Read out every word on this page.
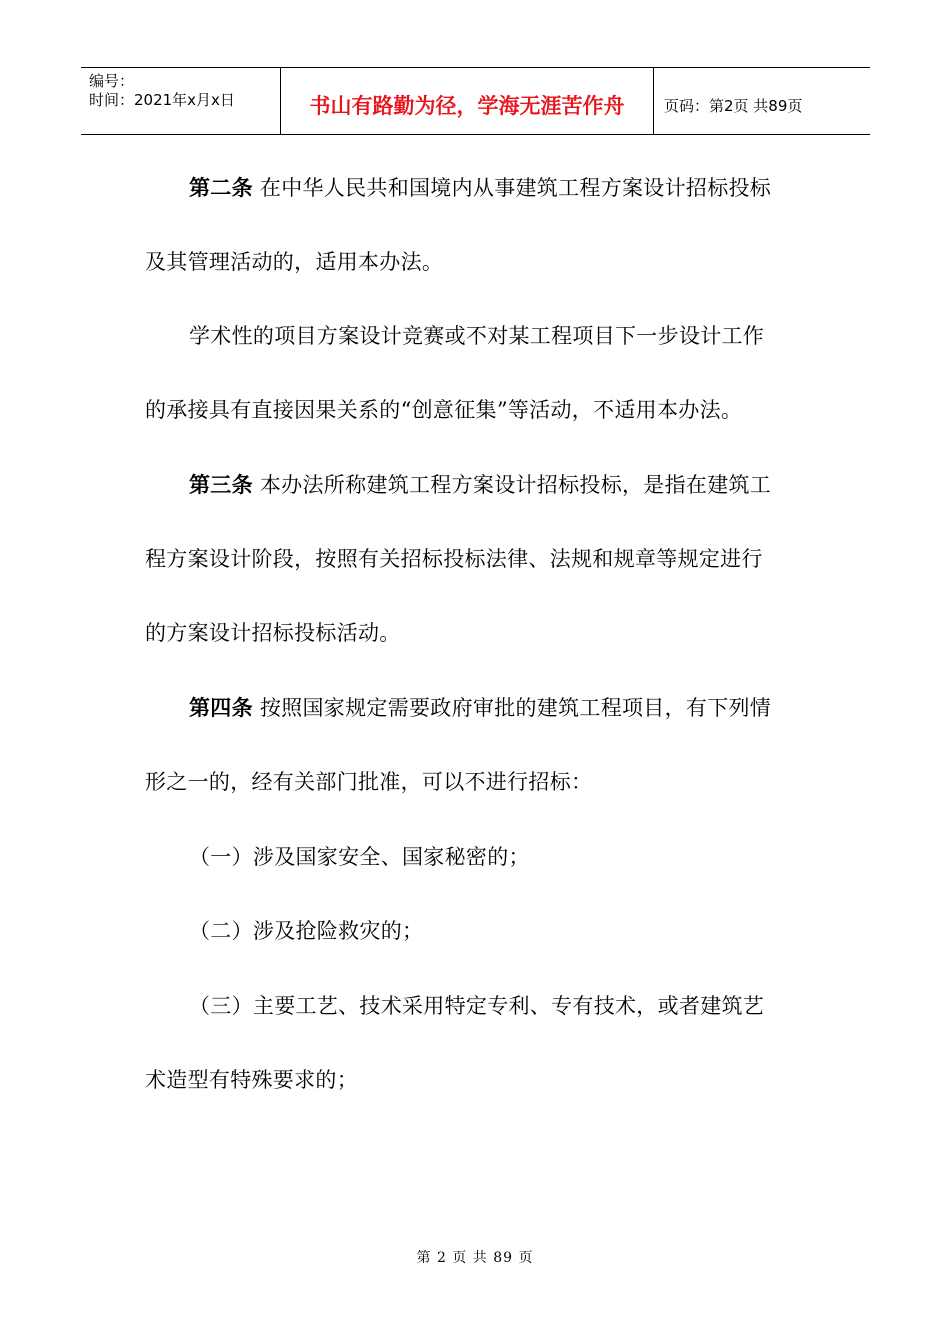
编号：
时间：2021年x月x日	书山有路勤为径，学海无涯苦作舟	页码：第2页 共89页
第二条 在中华人民共和国境内从事建筑工程方案设计招标投标
及其管理活动的，适用本办法。
学术性的项目方案设计竞赛或不对某工程项目下一步设计工作
的承接具有直接因果关系的“创意征集”等活动，不适用本办法。
第三条 本办法所称建筑工程方案设计招标投标，是指在建筑工
程方案设计阶段，按照有关招标投标法律、法规和规章等规定进行
的方案设计招标投标活动。
第四条 按照国家规定需要政府审批的建筑工程项目，有下列情
形之一的，经有关部门批准，可以不进行招标：
（一）涉及国家安全、国家秘密的；
（二）涉及抢险救灾的；
（三）主要工艺、技术采用特定专利、专有技术，或者建筑艺
术造型有特殊要求的；
第 2 页 共 89 页
